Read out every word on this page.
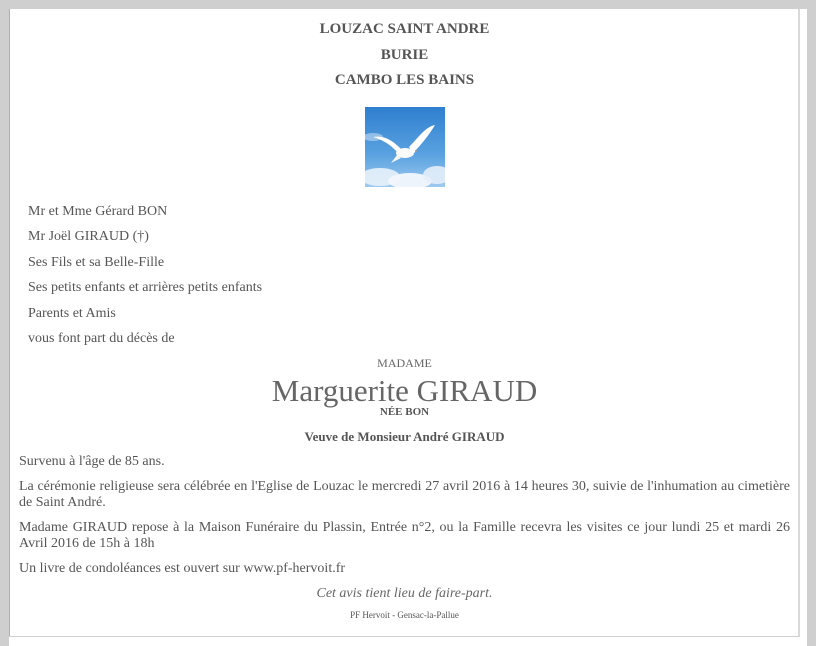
LOUZAC SAINT ANDRE
BURIE
CAMBO LES BAINS
Mr et Mme Gérard BON
Mr Joël GIRAUD (†)
Ses Fils et sa Belle-Fille
Ses petits enfants et arrières petits enfants
Parents et Amis
vous font part du décès de
MADAME
Marguerite GIRAUD
NÉE BON
Veuve de Monsieur André GIRAUD
Survenu à l'âge de 85 ans.
La cérémonie religieuse sera célébrée en l'Eglise de Louzac le mercredi 27 avril 2016 à 14 heures 30, suivie de l'inhumation au cimetière de Saint André.
Madame GIRAUD repose à la Maison Funéraire du Plassin, Entrée n°2, ou la Famille recevra les visites ce jour lundi 25 et mardi 26 Avril 2016 de 15h à 18h
Un livre de condoléances est ouvert sur www.pf-hervoit.fr
Cet avis tient lieu de faire-part.
PF Hervoit - Gensac-la-Pallue
